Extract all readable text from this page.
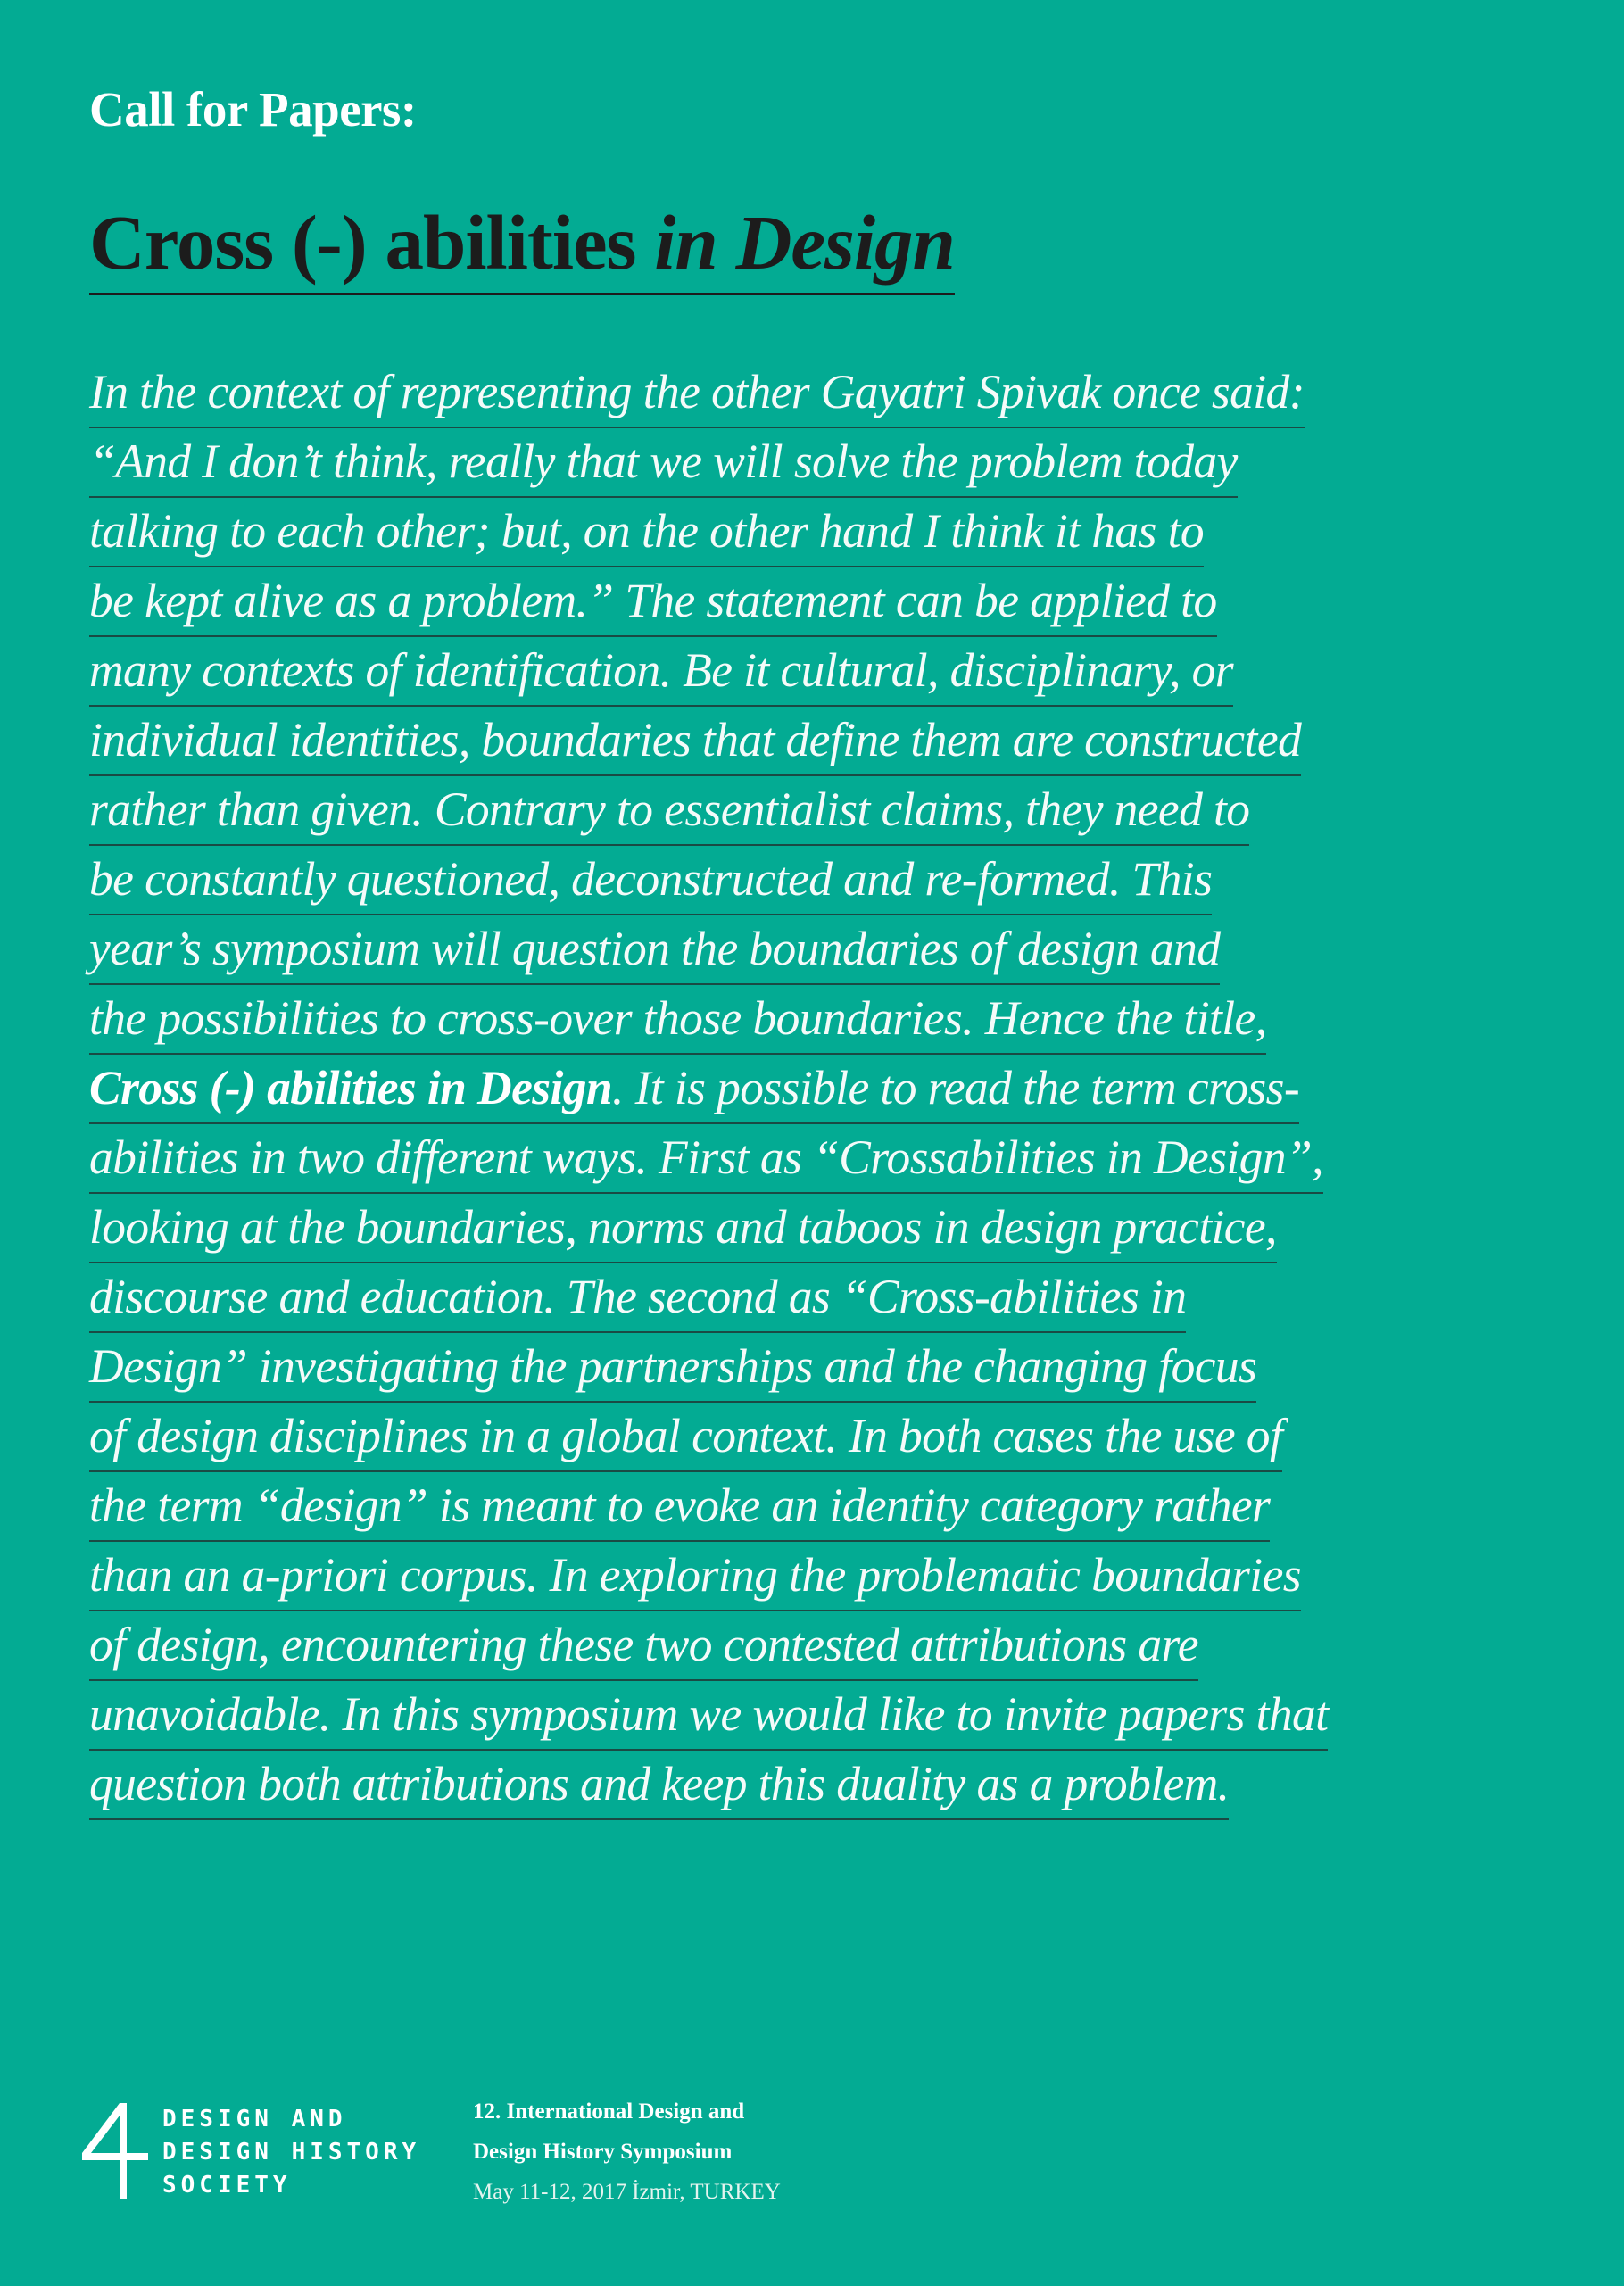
Call for Papers:
Cross (-) abilities in Design
In the context of representing the other Gayatri Spivak once said:
“And I don’t think, really that we will solve the problem today
talking to each other; but, on the other hand I think it has to
be kept alive as a problem.” The statement can be applied to
many contexts of identification. Be it cultural, disciplinary, or
individual identities, boundaries that define them are constructed
rather than given. Contrary to essentialist claims, they need to
be constantly questioned, deconstructed and re-formed. This
year’s symposium will question the boundaries of design and
the possibilities to cross-over those boundaries. Hence the title,
Cross (-) abilities in Design. It is possible to read the term cross-
abilities in two different ways. First as “Crossabilities in Design”,
looking at the boundaries, norms and taboos in design practice,
discourse and education. The second as “Cross-abilities in
Design” investigating the partnerships and the changing focus
of design disciplines in a global context. In both cases the use of
the term “design” is meant to evoke an identity category rather
than an a-priori corpus. In exploring the problematic boundaries
of design, encountering these two contested attributions are
unavoidable. In this symposium we would like to invite papers that
question both attributions and keep this duality as a problem.
DESIGN AND
DESIGN HISTORY
SOCIETY
12. International Design and
Design History Symposium
May 11-12, 2017 İzmir, TURKEY
